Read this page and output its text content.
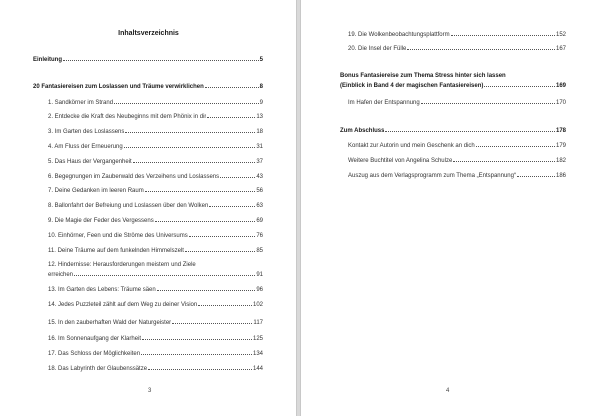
Inhaltsverzeichnis
Einleitung	5
20 Fantasiereisen zum Loslassen und Träume verwirklichen	8
1. Sandkörner im Strand	9
2. Entdecke die Kraft des Neubeginns mit dem Phönix in dir	13
3. Im Garten des Loslassens	18
4. Am Fluss der Erneuerung	31
5. Das Haus der Vergangenheit	37
6. Begegnungen im Zauberwald des Verzeihens und Loslassens	43
7. Deine Gedanken im leeren Raum	56
8. Ballonfahrt der Befreiung und Loslassen über den Wolken	63
9. Die Magie der Feder des Vergessens	69
10. Einhörner, Feen und die Ströme des Universums	76
11. Deine Träume auf dem funkelnden Himmelszelt	85
12. Hindernisse: Herausforderungen meistern und Ziele
erreichen	91
13. Im Garten des Lebens: Träume säen	96
14. Jedes Puzzleteil zählt auf dem Weg zu deiner Vision	102
15. In den zauberhaften Wald der Naturgeister	117
16. Im Sonnenaufgang der Klarheit	125
17. Das Schloss der Möglichkeiten	134
18. Das Labyrinth der Glaubenssätze	144
3
19. Die Wolkenbeobachtungsplattform	152
20. Die Insel der Fülle	167
Bonus Fantasiereise zum Thema Stress hinter sich lassen
(Einblick in Band 4 der magischen Fantasiereisen)	169
Im Hafen der Entspannung	170
Zum Abschluss	178
Kontakt zur Autorin und mein Geschenk an dich	179
Weitere Buchtitel von Angelina Schulze	182
Auszug aus dem Verlagsprogramm zum Thema „Entspannung“	186
4
